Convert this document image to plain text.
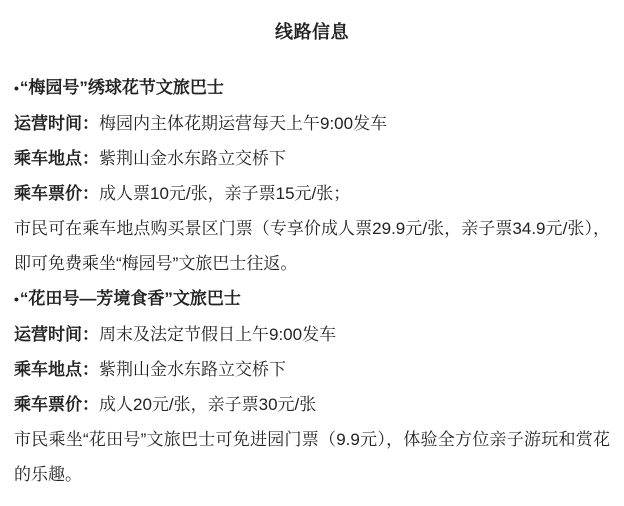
线路信息

•“梅园号”绣球花节文旅巴士

运营时间：梅园内主体花期运营每天上午9:00发车

乘车地点：紫荆山金水东路立交桥下

乘车票价：成人票10元/张，亲子票15元/张；

市民可在乘车地点购买景区门票（专享价成人票29.9元/张，亲子票34.9元/张），即可免费乘坐“梅园号”文旅巴士往返。

•“花田号—芳境食香”文旅巴士

运营时间：周末及法定节假日上午9:00发车

乘车地点：紫荆山金水东路立交桥下

乘车票价：成人20元/张，亲子票30元/张

市民乘坐“花田号”文旅巴士可免进园门票（9.9元），体验全方位亲子游玩和赏花的乐趣。
